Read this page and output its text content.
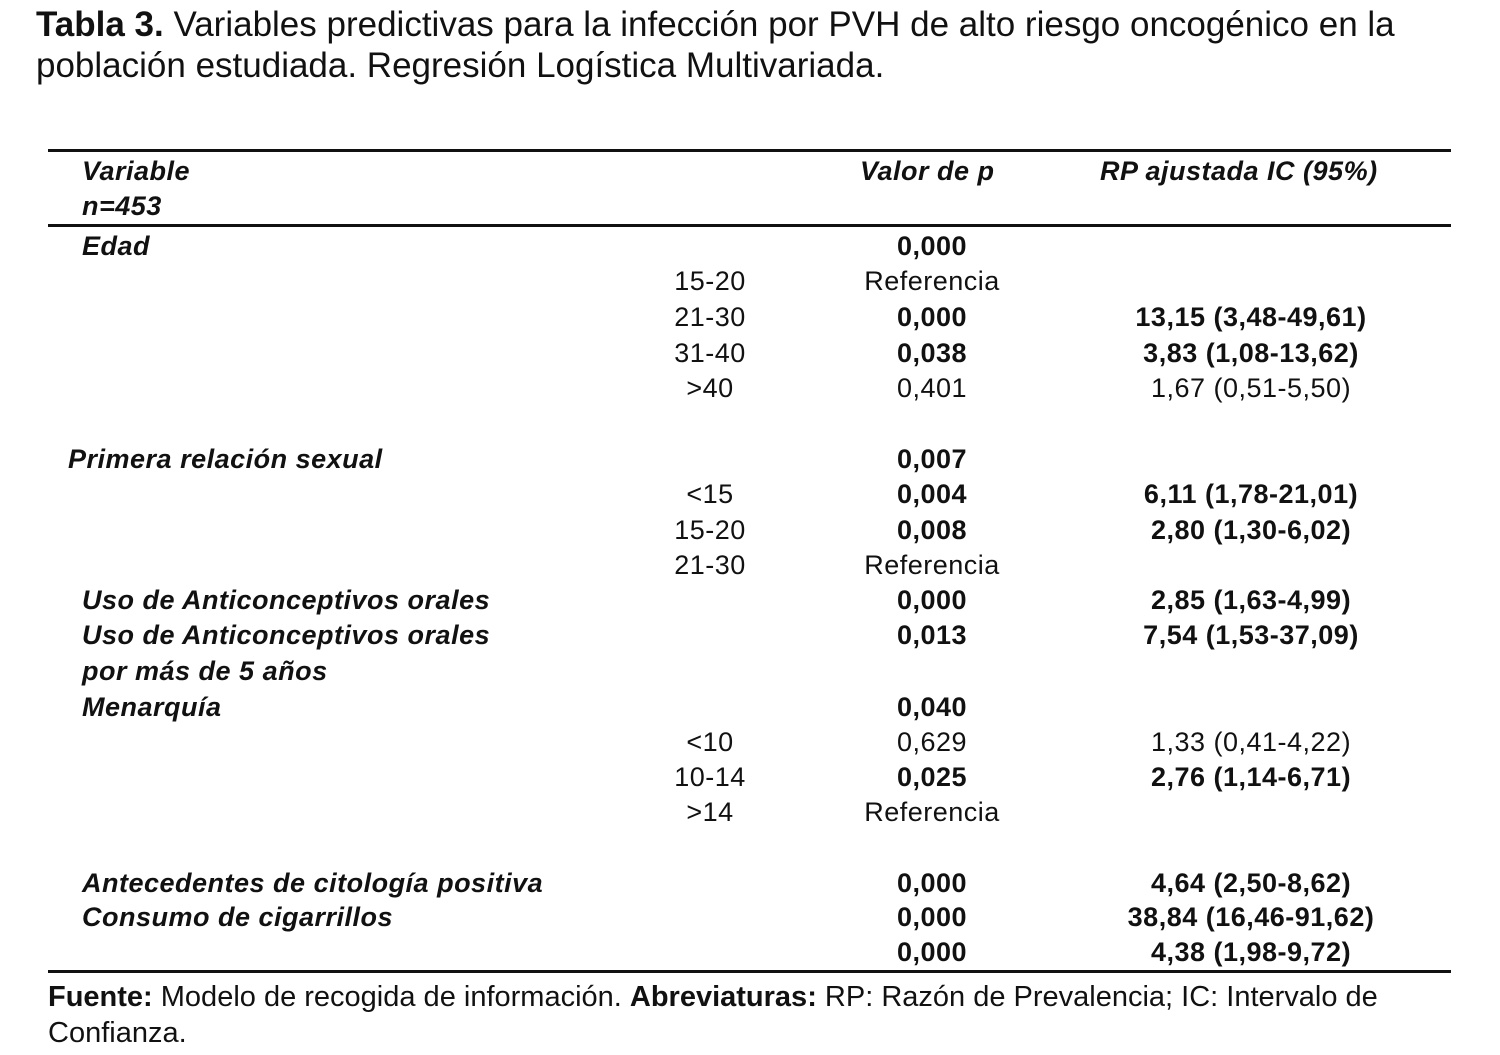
Tabla 3. Variables predictivas para la infección por PVH de alto riesgo oncogénico en la población estudiada. Regresión Logística Multivariada.

Variable
n=453
Valor de p	RP ajustada IC (95%)
Edad	0,000
15-20	Referencia
21-30	0,000	13,15 (3,48-49,61)
31-40	0,038	3,83 (1,08-13,62)
>40	0,401	1,67 (0,51-5,50)
Primera relación sexual	0,007
<15	0,004	6,11 (1,78-21,01)
15-20	0,008	2,80 (1,30-6,02)
21-30	Referencia
Uso de Anticonceptivos orales	0,000	2,85 (1,63-4,99)
Uso de Anticonceptivos orales
por más de 5 años
0,013	7,54 (1,53-37,09)
Menarquía	0,040
<10	0,629	1,33 (0,41-4,22)
10-14	0,025	2,76 (1,14-6,71)
>14	Referencia
Antecedentes de citología positiva	0,000	4,64 (2,50-8,62)
Consumo de cigarrillos	0,000	38,84 (16,46-91,62)
0,000	4,38 (1,98-9,72)

Fuente: Modelo de recogida de información. Abreviaturas: RP: Razón de Prevalencia; IC: Intervalo de Confianza.
